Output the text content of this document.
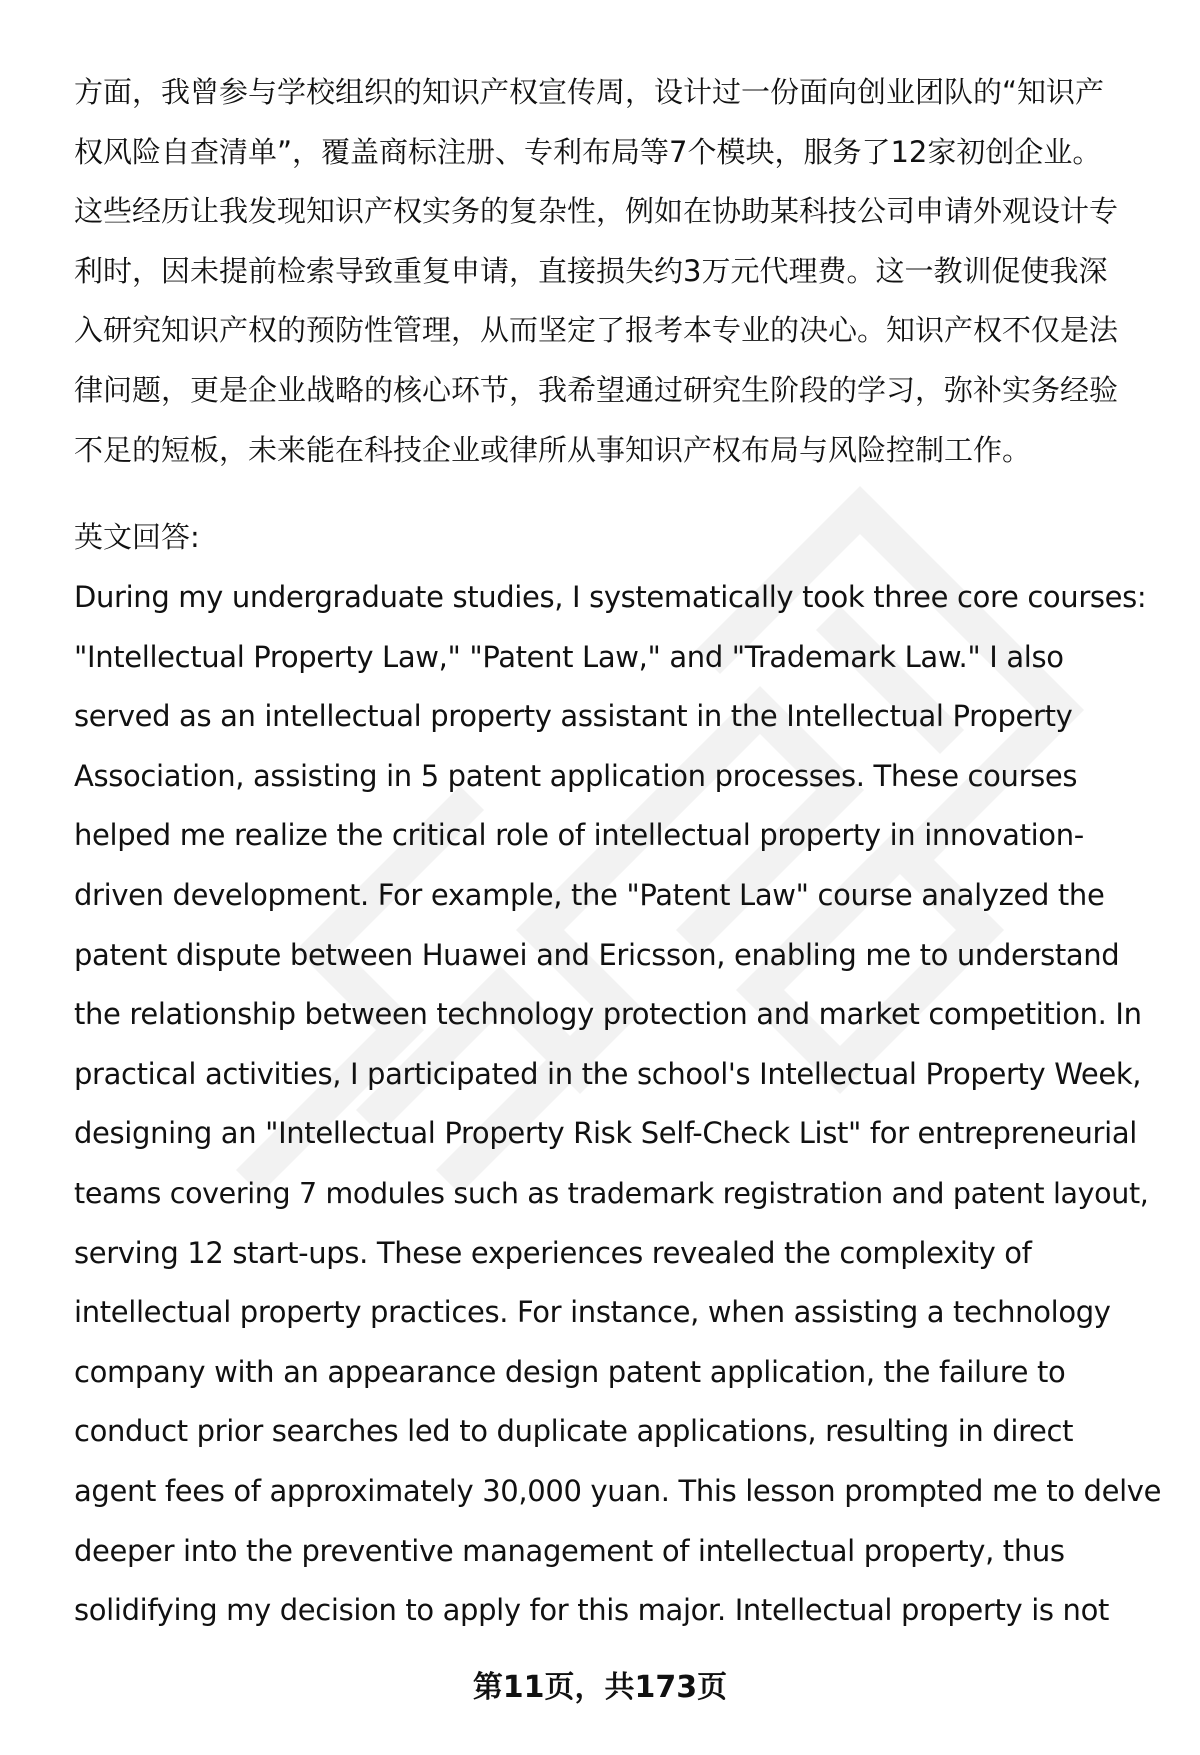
方面，我曾参与学校组织的知识产权宣传周，设计过一份面向创业团队的“知识产
权风险自查清单”，覆盖商标注册、专利布局等7个模块，服务了12家初创企业。
这些经历让我发现知识产权实务的复杂性，例如在协助某科技公司申请外观设计专
利时，因未提前检索导致重复申请，直接损失约3万元代理费。这一教训促使我深
入研究知识产权的预防性管理，从而坚定了报考本专业的决心。知识产权不仅是法
律问题，更是企业战略的核心环节，我希望通过研究生阶段的学习，弥补实务经验
不足的短板，未来能在科技企业或律所从事知识产权布局与风险控制工作。
英文回答:
During my undergraduate studies, I systematically took three core courses:
"Intellectual Property Law," "Patent Law," and "Trademark Law." I also
served as an intellectual property assistant in the Intellectual Property
Association, assisting in 5 patent application processes. These courses
helped me realize the critical role of intellectual property in innovation-
driven development. For example, the "Patent Law" course analyzed the
patent dispute between Huawei and Ericsson, enabling me to understand
the relationship between technology protection and market competition. In
practical activities, I participated in the school's Intellectual Property Week,
designing an "Intellectual Property Risk Self-Check List" for entrepreneurial
teams covering 7 modules such as trademark registration and patent layout,
serving 12 start-ups. These experiences revealed the complexity of
intellectual property practices. For instance, when assisting a technology
company with an appearance design patent application, the failure to
conduct prior searches led to duplicate applications, resulting in direct
agent fees of approximately 30,000 yuan. This lesson prompted me to delve
deeper into the preventive management of intellectual property, thus
solidifying my decision to apply for this major. Intellectual property is not
第11页，共173页
